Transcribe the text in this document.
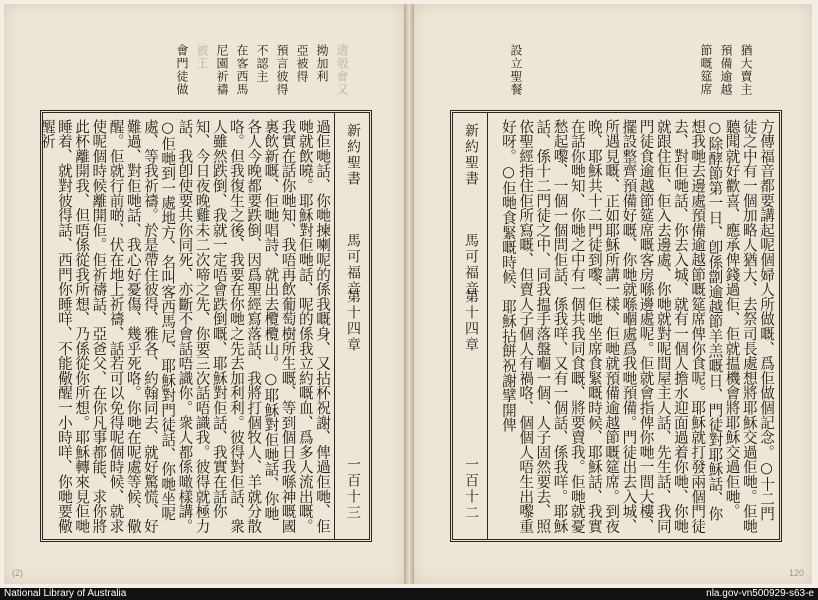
適彀會又
拗加利
亞被得
預言彼得
不認主
在客西馬
尼園祈禱
被王
會門徒做

過佢哋話、你哋揀喇呢的係我嘅身、又拈杯祝謝、俾過佢哋、佢哋就飲曉。耶穌對佢哋話、呢的係我立約嘅血、爲多人流出嘅。我實在話你哋知、我唔再飲葡萄樹所生嘅、等到個日我喺神嘅國裏飲新嘅、佢哋唱詩、就出去欖欖山。○耶穌對佢哋話、你哋各人今晚都要跌倒、因爲聖經寫落話、我將打個牧人、羊就分散咯。但我復生之後、我要在你哋之先去加利利。彼得對佢話、衆人雖然跌倒、我就一定唔會跌倒嘅、耶穌對佢話、我實在話你知、今日夜晚雞未二次啼之先、你要三次話唔識我。彼得就極力話、我卽使要共你同死、亦斷不會話唔識你。衆人都係噉樣講。○佢哋到一處地方、名叫客西馬尼、耶穌對門徒話、你哋坐呢處、等我祈禱。於是帶住彼得、雅各、約翰同去、就好驚慌、好難過、對佢哋話、我心好憂傷、幾乎死咯。你哋在呢處等候、儆醒。佢就行前啲、伏在地上祈禱、話若可以免得呢個時候、就求使呢個時候離開佢。佢祈禱話、亞爸父、在你凡事都能、求你將此杯離開我、但唔係從我所想、乃係從你所想。耶穌轉來見佢哋睡着、就對彼得話、西門你睡咩、不能儆醒一小時咩、你哋要儆醒祈	新約聖書
馬可福音
第十四章
一百十三
(2)
猶大賣主
預備逾越
節嘅筵席
設立聖餐
新約聖書
馬可福音
第十四章
一百十二	方傳福音都要講起呢個婦人所做嘅、爲佢做個記念。○十二門徒之中有一個加略人猶大、去祭司長處想將耶穌交過佢哋。佢哋聽聞就好歡喜、應承俾錢過佢、佢就揾機會將耶穌交過佢哋。○除酵節第一日、卽係劏逾越節羊羔嘅日、門徒對耶穌話、你想我哋去邊處預備逾越節嘅筵席俾你食呢。耶穌就打發兩個門徒去、對佢哋話、你去入城、就有一個人擔水迎面過着你哋、你哋就跟住佢、佢入去邊處、你哋就對呢間屋主人話、先生話、我同門徒食逾越節筵席嘅客房喺邊處呢。佢就會指俾你哋一間大樓、擺設整齊預備好嘅、你哋就喺嗰處爲我哋預備。門徒出去入城、所遇見嘅、正如耶穌所講一樣、佢哋就預備逾越節嘅筵席。到夜晚、耶穌共十二門徒到嚟、佢哋坐席食緊嘅時候、耶穌話、我實在話你哋知、你哋之中有一個共我同食嘅、將要賣我。佢哋就憂愁起嚟、一個一個問佢話、係我咩、又有一個話、係我咩。耶穌話、係十二門徒之中、同我揾手落盤嗰一個、人子固然要去、照依聖經指住佢所寫嘅、但賣人子個人有禍咯、個個人唔生出嚟重好呀。○佢哋食緊嘅時候、耶穌拈餅祝謝擘開俾

120
National Library of Australia	nla.gov-vn500929-s63-e
